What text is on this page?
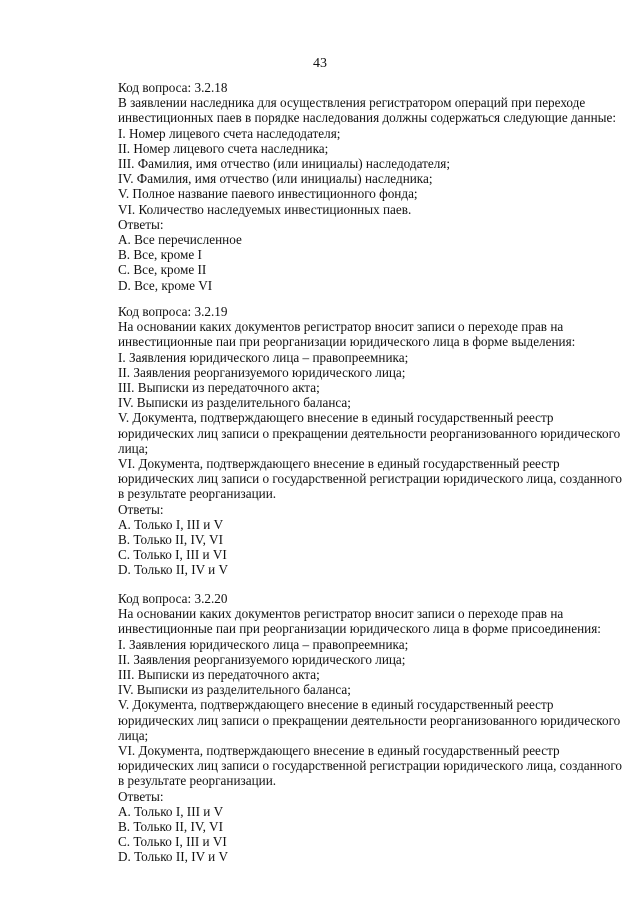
43
Код вопроса: 3.2.18
В заявлении наследника для осуществления регистратором операций при переходе
инвестиционных паев в порядке наследования должны содержаться следующие данные:
I. Номер лицевого счета наследодателя;
II. Номер лицевого счета наследника;
III. Фамилия, имя отчество (или инициалы) наследодателя;
IV. Фамилия, имя отчество (или инициалы) наследника;
V. Полное название паевого инвестиционного фонда;
VI. Количество наследуемых инвестиционных паев.
Ответы:
A. Все перечисленное
B. Все, кроме I
C. Все, кроме II
D. Все, кроме VI
Код вопроса: 3.2.19
На основании каких документов регистратор вносит записи о переходе прав на
инвестиционные паи при реорганизации юридического лица в форме выделения:
I. Заявления юридического лица – правопреемника;
II. Заявления реорганизуемого юридического лица;
III. Выписки из передаточного акта;
IV. Выписки из разделительного баланса;
V. Документа, подтверждающего внесение в единый государственный реестр
юридических лиц записи о прекращении деятельности реорганизованного юридического
лица;
VI. Документа, подтверждающего внесение в единый государственный реестр
юридических лиц записи о государственной регистрации юридического лица, созданного
в результате реорганизации.
Ответы:
A. Только I, III и V
B. Только II, IV, VI
C. Только I, III и VI
D. Только II, IV и V
Код вопроса: 3.2.20
На основании каких документов регистратор вносит записи о переходе прав на
инвестиционные паи при реорганизации юридического лица в форме присоединения:
I. Заявления юридического лица – правопреемника;
II. Заявления реорганизуемого юридического лица;
III. Выписки из передаточного акта;
IV. Выписки из разделительного баланса;
V. Документа, подтверждающего внесение в единый государственный реестр
юридических лиц записи о прекращении деятельности реорганизованного юридического
лица;
VI. Документа, подтверждающего внесение в единый государственный реестр
юридических лиц записи о государственной регистрации юридического лица, созданного
в результате реорганизации.
Ответы:
A. Только I, III и V
B. Только II, IV, VI
C. Только I, III и VI
D. Только II, IV и V
